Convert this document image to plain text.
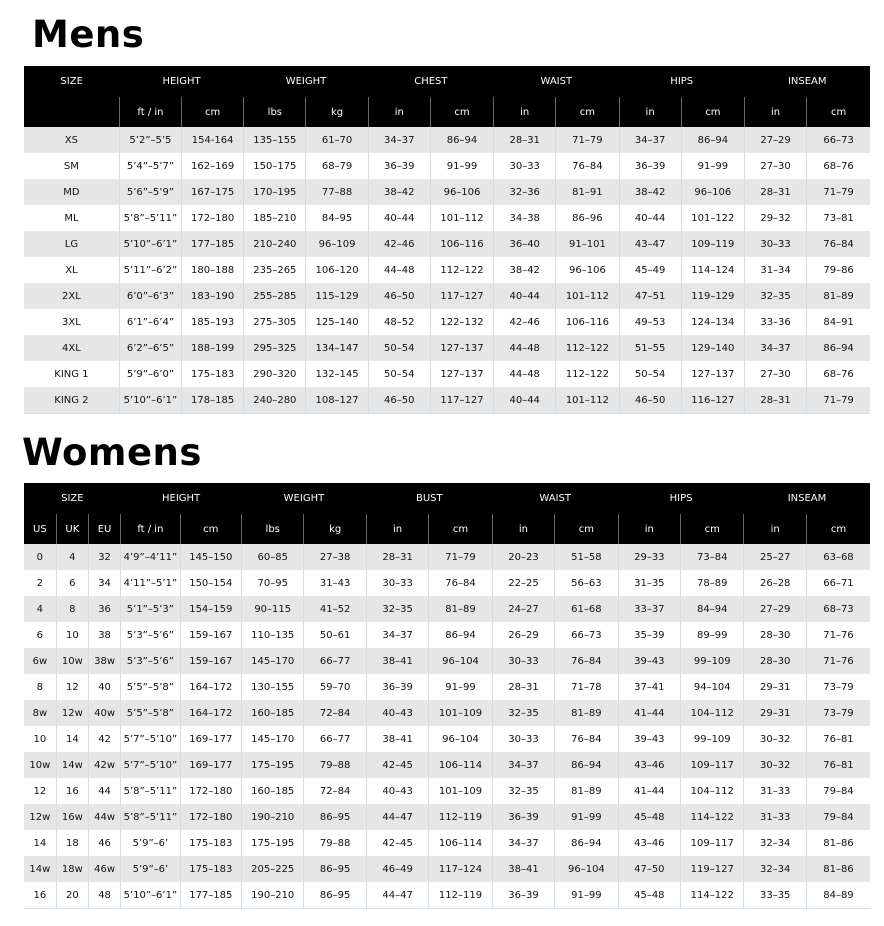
Mens
SIZE	HEIGHT		WEIGHT		CHEST		WAIST		HIPS		INSEAM	
	ft / in	cm	lbs	kg	in	cm	in	cm	in	cm	in	cm
XS	5’2”–5’5	154-164	135–155	61–70	34–37	86–94	28–31	71–79	34–37	86–94	27–29	66–73
SM	5’4”–5’7”	162–169	150–175	68–79	36–39	91–99	30–33	76–84	36–39	91–99	27–30	68–76
MD	5’6”–5’9”	167–175	170–195	77–88	38–42	96–106	32–36	81–91	38–42	96–106	28–31	71–79
ML	5’8”–5’11”	172–180	185–210	84–95	40–44	101–112	34–38	86–96	40–44	101–122	29–32	73–81
LG	5’10”–6’1”	177–185	210–240	96–109	42–46	106–116	36–40	91–101	43–47	109–119	30–33	76–84
XL	5’11”–6’2”	180–188	235–265	106–120	44–48	112–122	38–42	96–106	45–49	114–124	31–34	79–86
2XL	6’0”–6’3”	183–190	255–285	115–129	46–50	117–127	40–44	101–112	47–51	119–129	32–35	81–89
3XL	6’1”–6’4”	185–193	275–305	125–140	48–52	122–132	42–46	106–116	49–53	124–134	33–36	84–91
4XL	6’2”–6’5”	188–199	295–325	134–147	50–54	127–137	44–48	112–122	51–55	129–140	34–37	86–94
KING 1	5’9”–6’0”	175–183	290–320	132–145	50–54	127–137	44–48	112–122	50–54	127–137	27–30	68–76
KING 2	5’10”–6’1”	178–185	240–280	108–127	46–50	117–127	40–44	101–112	46–50	116–127	28–31	71–79
Womens
SIZE			HEIGHT		WEIGHT		BUST		WAIST		HIPS		INSEAM	
US	UK	EU	ft / in	cm	lbs	kg	in	cm	in	cm	in	cm	in	cm
0	4	32	4’9”–4’11”	145–150	60–85	27–38	28–31	71–79	20–23	51–58	29–33	73–84	25–27	63–68
2	6	34	4’11”–5’1”	150–154	70–95	31–43	30–33	76–84	22–25	56–63	31–35	78–89	26–28	66–71
4	8	36	5’1”–5’3”	154–159	90–115	41–52	32–35	81–89	24–27	61–68	33–37	84–94	27–29	68–73
6	10	38	5’3”–5’6”	159–167	110–135	50–61	34–37	86–94	26–29	66–73	35–39	89–99	28–30	71–76
6w	10w	38w	5’3”–5’6”	159–167	145–170	66–77	38–41	96–104	30–33	76–84	39–43	99–109	28–30	71–76
8	12	40	5’5”–5’8”	164–172	130–155	59–70	36–39	91–99	28–31	71–78	37–41	94–104	29–31	73–79
8w	12w	40w	5’5”–5’8”	164–172	160–185	72–84	40–43	101–109	32–35	81–89	41–44	104–112	29–31	73–79
10	14	42	5’7”–5’10”	169–177	145–170	66–77	38–41	96–104	30–33	76–84	39–43	99–109	30–32	76–81
10w	14w	42w	5’7”–5’10”	169–177	175–195	79–88	42–45	106–114	34–37	86–94	43–46	109–117	30–32	76–81
12	16	44	5’8”–5’11”	172–180	160–185	72–84	40–43	101–109	32–35	81–89	41–44	104–112	31–33	79–84
12w	16w	44w	5’8”–5’11”	172–180	190–210	86–95	44–47	112–119	36–39	91–99	45–48	114–122	31–33	79–84
14	18	46	5’9”–6’	175–183	175–195	79–88	42–45	106–114	34–37	86–94	43–46	109–117	32–34	81–86
14w	18w	46w	5’9”–6’	175–183	205–225	86–95	46–49	117–124	38–41	96–104	47–50	119–127	32–34	81–86
16	20	48	5’10”–6’1”	177–185	190–210	86–95	44–47	112–119	36–39	91–99	45–48	114–122	33–35	84–89
